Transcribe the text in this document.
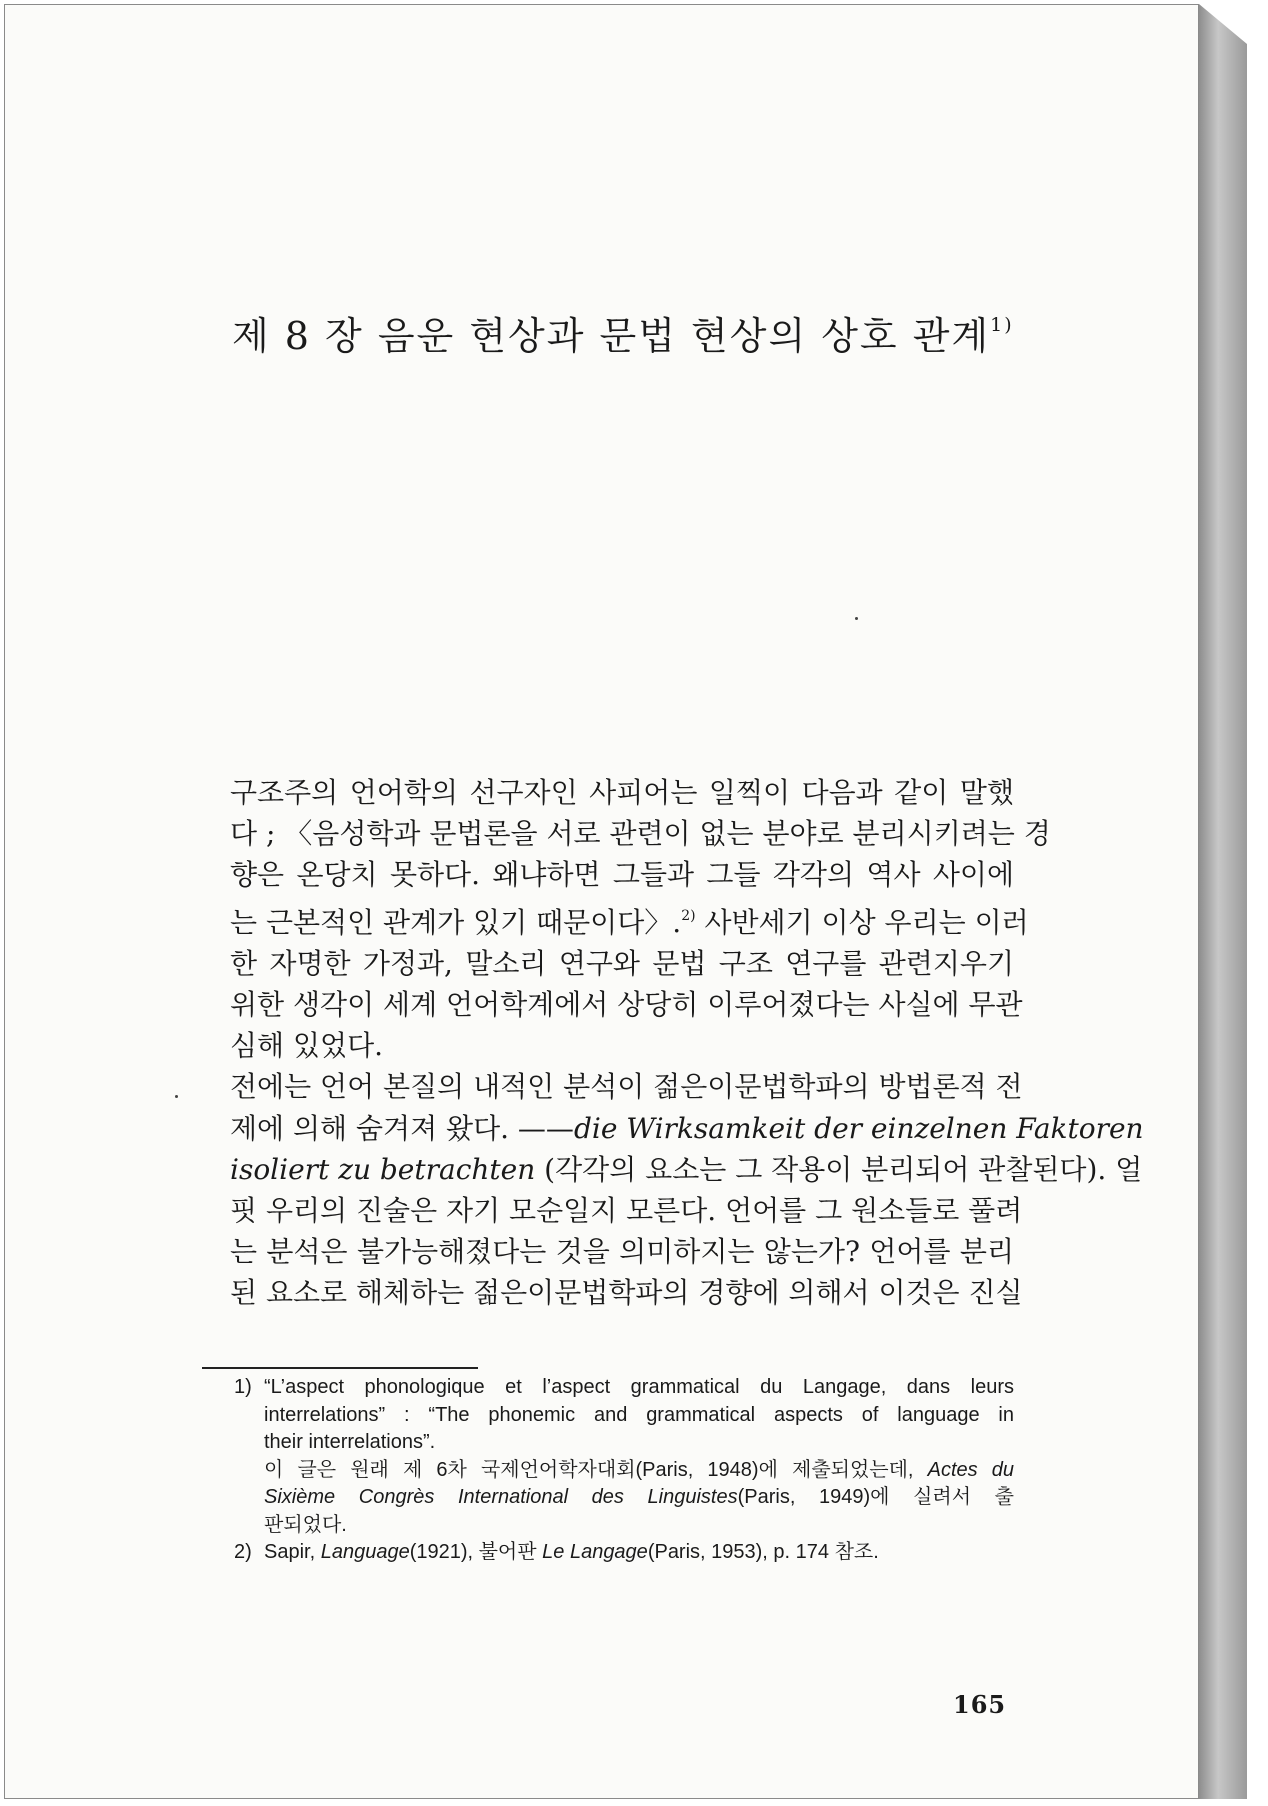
제 8 장 음운 현상과 문법 현상의 상호 관계$^{1)}$
구조주의 언어학의 선구자인 사피어는 일찍이 다음과 같이 말했
다 ; 〈음성학과 문법론을 서로 관련이 없는 분야로 분리시키려는 경
향은 온당치 못하다. 왜냐하면 그들과 그들 각각의 역사 사이에
는 근본적인 관계가 있기 때문이다〉.$^{2)}$ 사반세기 이상 우리는 이러
한 자명한 가정과, 말소리 연구와 문법 구조 연구를 관련지우기
위한 생각이 세계 언어학계에서 상당히 이루어졌다는 사실에 무관
심해 있었다.
전에는 언어 본질의 내적인 분석이 젊은이문법학파의 방법론적 전
제에 의해 숨겨져 왔다. ——die Wirksamkeit der einzelnen Faktoren
isoliert zu betrachten (각각의 요소는 그 작용이 분리되어 관찰된다). 얼
핏 우리의 진술은 자기 모순일지 모른다. 언어를 그 원소들로 풀려
는 분석은 불가능해졌다는 것을 의미하지는 않는가? 언어를 분리
된 요소로 해체하는 젊은이문법학파의 경향에 의해서 이것은 진실
1) “L’aspect phonologique et l’aspect grammatical du Langage, dans leurs
interrelations” : “The phonemic and grammatical aspects of language in
their interrelations”.
이 글은 원래 제 6차 국제언어학자대회(Paris, 1948)에 제출되었는데, Actes du
Sixième Congrès International des Linguistes(Paris, 1949)에 실려서 출
판되었다.
2) Sapir, Language(1921), 불어판 Le Langage(Paris, 1953), p. 174 참조.
165
